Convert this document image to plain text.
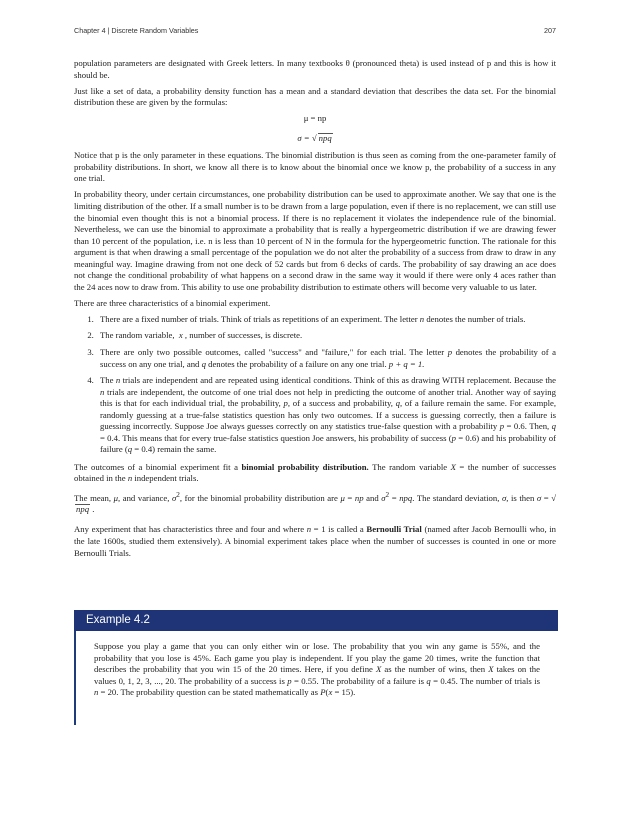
Chapter 4 | Discrete Random Variables	207

population parameters are designated with Greek letters. In many textbooks θ (pronounced theta) is used instead of p and this is how it should be.

Just like a set of data, a probability density function has a mean and a standard deviation that describes the data set. For the binomial distribution these are given by the formulas:

μ = np
σ = √ npq

Notice that p is the only parameter in these equations. The binomial distribution is thus seen as coming from the one-parameter family of probability distributions. In short, we know all there is to know about the binomial once we know p, the probability of a success in any one trial.

In probability theory, under certain circumstances, one probability distribution can be used to approximate another. We say that one is the limiting distribution of the other. If a small number is to be drawn from a large population, even if there is no replacement, we can still use the binomial even thought this is not a binomial process. If there is no replacement it violates the independence rule of the binomial. Nevertheless, we can use the binomial to approximate a probability that is really a hypergeometric distribution if we are drawing fewer than 10 percent of the population, i.e. n is less than 10 percent of N in the formula for the hypergeometric function. The rationale for this argument is that when drawing a small percentage of the population we do not alter the probability of a success from draw to draw in any meaningful way. Imagine drawing from not one deck of 52 cards but from 6 decks of cards. The probability of say drawing an ace does not change the conditional probability of what happens on a second draw in the same way it would if there were only 4 aces rather than the 24 aces now to draw from. This ability to use one probability distribution to estimate others will become very valuable to us later.

There are three characteristics of a binomial experiment.

1. There are a fixed number of trials. Think of trials as repetitions of an experiment. The letter n denotes the number of trials.
2. The random variable,  x , number of successes, is discrete.
3. There are only two possible outcomes, called "success" and "failure," for each trial. The letter p denotes the probability of a success on any one trial, and q denotes the probability of a failure on any one trial. p + q = 1.
4. The n trials are independent and are repeated using identical conditions. Think of this as drawing WITH replacement. Because the n trials are independent, the outcome of one trial does not help in predicting the outcome of another trial. Another way of saying this is that for each individual trial, the probability, p, of a success and probability, q, of a failure remain the same. For example, randomly guessing at a true-false statistics question has only two outcomes. If a success is guessing correctly, then a failure is guessing incorrectly. Suppose Joe always guesses correctly on any statistics true-false question with a probability p = 0.6. Then, q = 0.4. This means that for every true-false statistics question Joe answers, his probability of success (p = 0.6) and his probability of failure (q = 0.4) remain the same.

The outcomes of a binomial experiment fit a binomial probability distribution. The random variable X = the number of successes obtained in the n independent trials.

The mean, μ, and variance, $\sigma^2$, for the binomial probability distribution are μ = np and $\sigma^2$ = npq. The standard deviation, σ, is then σ = √npq .

Any experiment that has characteristics three and four and where n = 1 is called a Bernoulli Trial (named after Jacob Bernoulli who, in the late 1600s, studied them extensively). A binomial experiment takes place when the number of successes is counted in one or more Bernoulli Trials.

Example 4.2
Suppose you play a game that you can only either win or lose. The probability that you win any game is 55%, and the probability that you lose is 45%. Each game you play is independent. If you play the game 20 times, write the function that describes the probability that you win 15 of the 20 times. Here, if you define X as the number of wins, then X takes on the values 0, 1, 2, 3, ..., 20. The probability of a success is p = 0.55. The probability of a failure is q = 0.45. The number of trials is n = 20. The probability question can be stated mathematically as P(x = 15).
